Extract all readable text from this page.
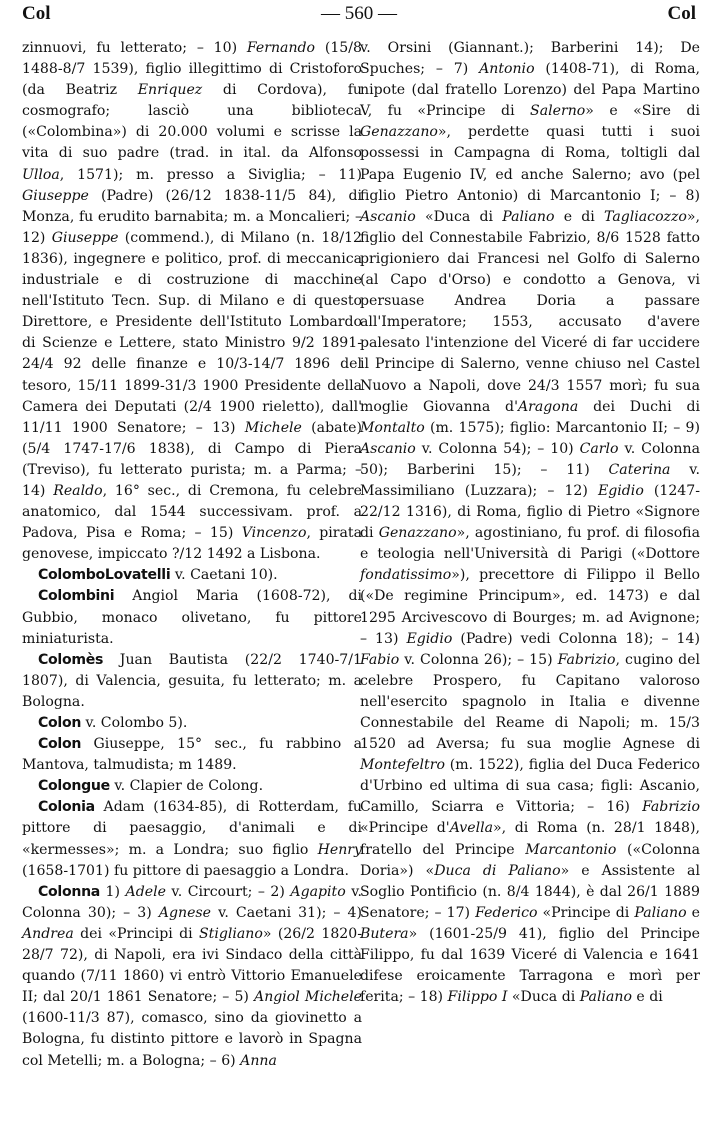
Col	— 560 —	Col

zinnuovi, fu letterato; – 10) Fernando (15/8 1488-8/7 1539), figlio illegittimo di Cristoforo (da Beatriz Enriquez di Cordova), fu cosmografo; lasciò una biblioteca («Colombina») di 20.000 volumi e scrisse la vita di suo padre (trad. in ital. da Alfonso Ulloa, 1571); m. presso a Siviglia; – 11) Giuseppe (Padre) (26/12 1838-11/5 84), di Monza, fu erudito barnabita; m. a Moncalieri; – 12) Giuseppe (commend.), di Milano (n. 18/12 1836), ingegnere e politico, prof. di meccanica industriale e di costruzione di macchine nell'Istituto Tecn. Sup. di Milano e di questo Direttore, e Presidente dell'Istituto Lombardo di Scienze e Lettere, stato Ministro 9/2 1891-24/4 92 delle finanze e 10/3-14/7 1896 del tesoro, 15/11 1899-31/3 1900 Presidente della Camera dei Deputati (2/4 1900 rieletto), dall' 11/11 1900 Senatore; – 13) Michele (abate) (5/4 1747-17/6 1838), di Campo di Piera (Treviso), fu letterato purista; m. a Parma; – 14) Realdo, 16° sec., di Cremona, fu celebre anatomico, dal 1544 successivam. prof. a Padova, Pisa e Roma; – 15) Vincenzo, pirata genovese, impiccato ?/12 1492 a Lisbona.

ColomboLovatelli v. Caetani 10).

Colombini Angiol Maria (1608-72), di Gubbio, monaco olivetano, fu pittore miniaturista.

Colomès Juan Bautista (22/2 1740-7/1 1807), di Valencia, gesuita, fu letterato; m. a Bologna.

Colon v. Colombo 5).

Colon Giuseppe, 15° sec., fu rabbino a Mantova, talmudista; m 1489.

Colongue v. Clapier de Colong.

Colonia Adam (1634-85), di Rotterdam, fu pittore di paesaggio, d'animali e di «kermesses»; m. a Londra; suo figlio Henry (1658-1701) fu pittore di paesaggio a Londra.

Colonna 1) Adele v. Circourt; – 2) Agapito v. Colonna 30); – 3) Agnese v. Caetani 31); – 4) Andrea dei «Principi di Stigliano» (26/2 1820-28/7 72), di Napoli, era ivi Sindaco della città quando (7/11 1860) vi entrò Vittorio Emanuele II; dal 20/1 1861 Senatore; – 5) Angiol Michele (1600-11/3 87), comasco, sino da giovinetto a Bologna, fu distinto pittore e lavorò in Spagna col Metelli; m. a Bologna; – 6) Anna

v. Orsini (Giannant.); Barberini 14); De Spuches; – 7) Antonio (1408-71), di Roma, nipote (dal fratello Lorenzo) del Papa Martino V, fu «Principe di Salerno» e «Sire di Genazzano», perdette quasi tutti i suoi possessi in Campagna di Roma, toltigli dal Papa Eugenio IV, ed anche Salerno; avo (pel figlio Pietro Antonio) di Marcantonio I; – 8) Ascanio «Duca di Paliano e di Tagliacozzo», figlio del Connestabile Fabrizio, 8/6 1528 fatto prigioniero dai Francesi nel Golfo di Salerno (al Capo d'Orso) e condotto a Genova, vi persuase Andrea Doria a passare all'Imperatore; 1553, accusato d'avere palesato l'intenzione del Viceré di far uccidere il Principe di Salerno, venne chiuso nel Castel Nuovo a Napoli, dove 24/3 1557 morì; fu sua moglie Giovanna d'Aragona dei Duchi di Montalto (m. 1575); figlio: Marcantonio II; – 9) Ascanio v. Colonna 54); – 10) Carlo v. Colonna 50); Barberini 15); – 11) Caterina v. Massimiliano (Luzzara); – 12) Egidio (1247-22/12 1316), di Roma, figlio di Pietro «Signore di Genazzano», agostiniano, fu prof. di filosofia e teologia nell'Università di Parigi («Dottore fondatissimo»), precettore di Filippo il Bello («De regimine Principum», ed. 1473) e dal 1295 Arcivescovo di Bourges; m. ad Avignone; – 13) Egidio (Padre) vedi Colonna 18); – 14) Fabio v. Colonna 26); – 15) Fabrizio, cugino del celebre Prospero, fu Capitano valoroso nell'esercito spagnolo in Italia e divenne Connestabile del Reame di Napoli; m. 15/3 1520 ad Aversa; fu sua moglie Agnese di Montefeltro (m. 1522), figlia del Duca Federico d'Urbino ed ultima di sua casa; figli: Ascanio, Camillo, Sciarra e Vittoria; – 16) Fabrizio «Principe d'Avella», di Roma (n. 28/1 1848), fratello del Principe Marcantonio («Colonna Doria») «Duca di Paliano» e Assistente al Soglio Pontificio (n. 8/4 1844), è dal 26/1 1889 Senatore; – 17) Federico «Principe di Paliano e Butera» (1601-25/9 41), figlio del Principe Filippo, fu dal 1639 Viceré di Valencia e 1641 difese eroicamente Tarragona e morì per ferita; – 18) Filippo I «Duca di Paliano e di
